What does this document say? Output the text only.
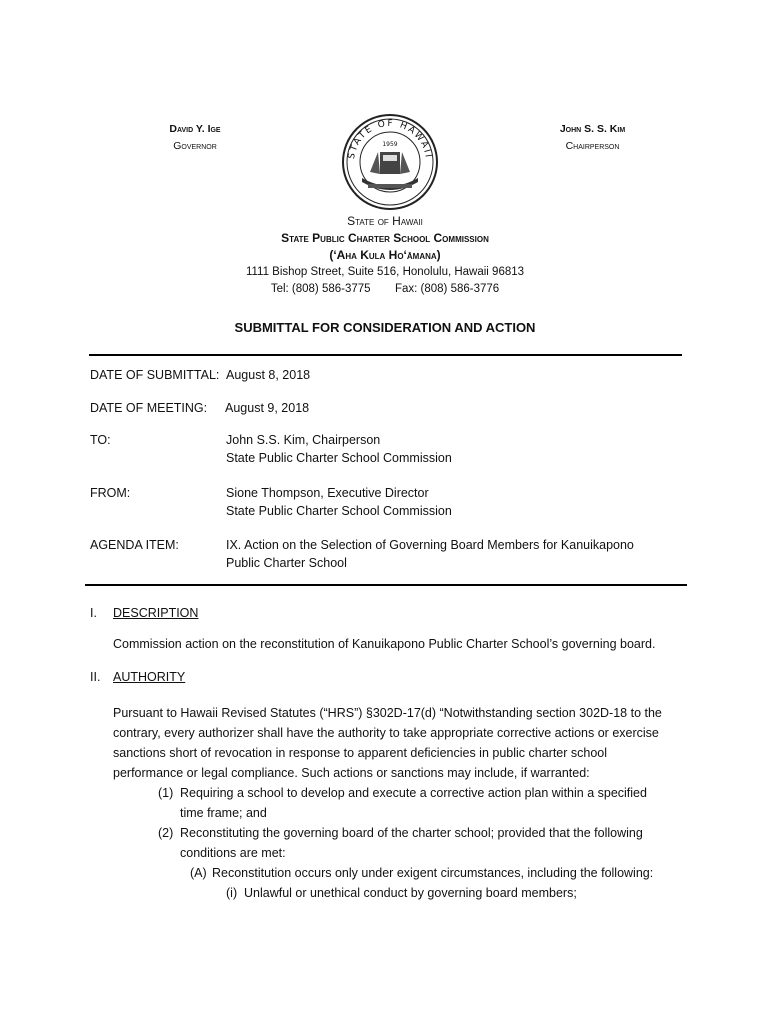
David Y. Ige
Governor
STATE OF HAWAII
1959
John S. S. Kim
Chairperson
State of Hawaii
State Public Charter School Commission
(ʻAha Kula Hoʻāmana)
1111 Bishop Street, Suite 516, Honolulu, Hawaii 96813
Tel: (808) 586-3775 Fax: (808) 586-3776
SUBMITTAL FOR CONSIDERATION AND ACTION
DATE OF SUBMITTAL: August 8, 2018
DATE OF MEETING: August 9, 2018
TO:	John S.S. Kim, Chairperson
State Public Charter School Commission
FROM:	Sione Thompson, Executive Director
State Public Charter School Commission
AGENDA ITEM:	IX. Action on the Selection of Governing Board Members for Kanuikapono
Public Charter School
I. DESCRIPTION
Commission action on the reconstitution of Kanuikapono Public Charter School’s governing board.
II. AUTHORITY
Pursuant to Hawaii Revised Statutes (“HRS”) §302D-17(d) “Notwithstanding section 302D-18 to the
contrary, every authorizer shall have the authority to take appropriate corrective actions or exercise
sanctions short of revocation in response to apparent deficiencies in public charter school
performance or legal compliance. Such actions or sanctions may include, if warranted:
(1) Requiring a school to develop and execute a corrective action plan within a specified
time frame; and
(2) Reconstituting the governing board of the charter school; provided that the following
conditions are met:
(A) Reconstitution occurs only under exigent circumstances, including the following:
(i) Unlawful or unethical conduct by governing board members;
